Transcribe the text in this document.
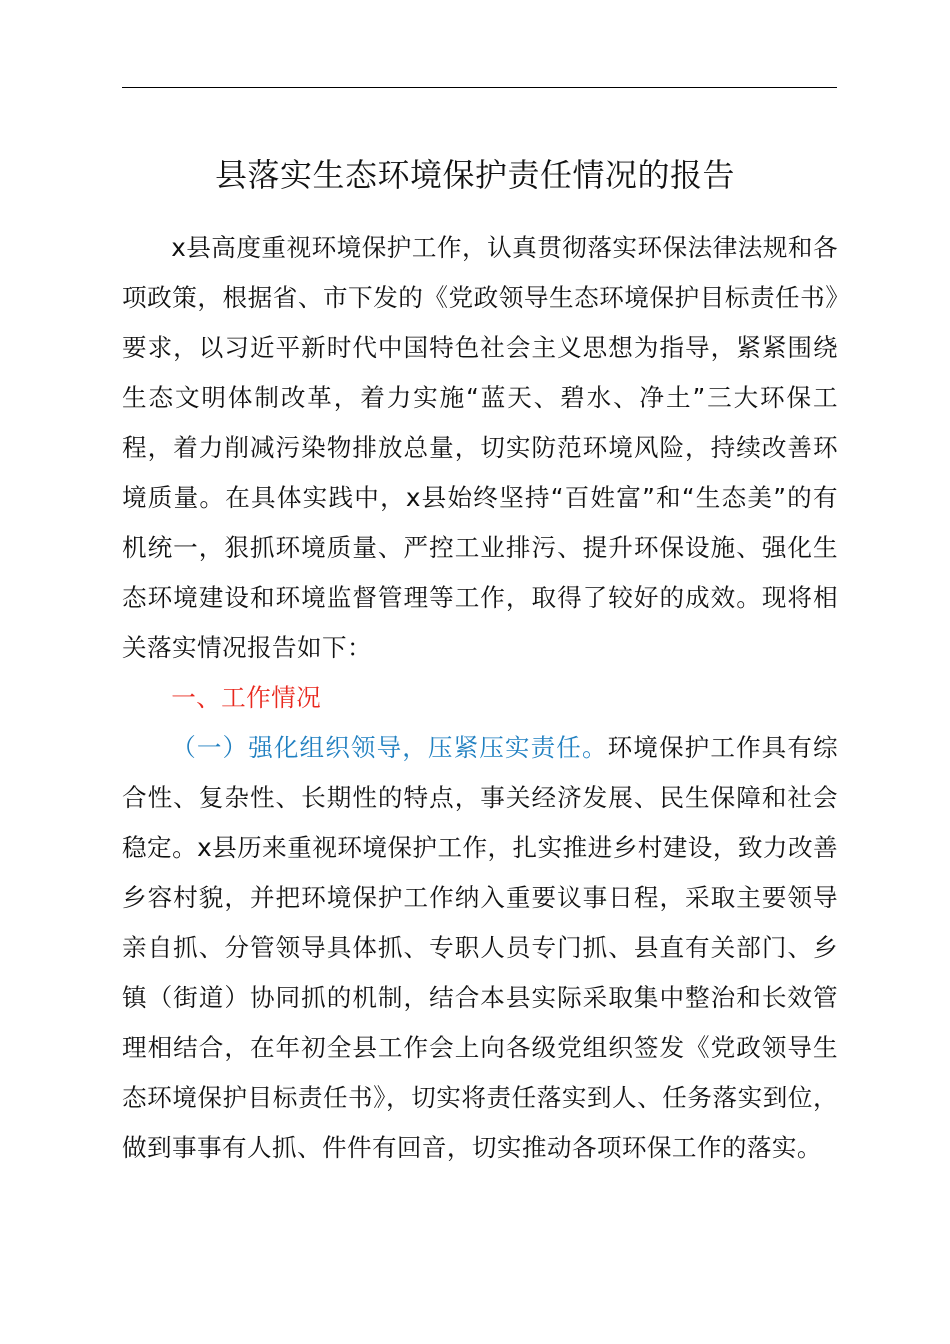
县落实生态环境保护责任情况的报告

x县高度重视环境保护工作，认真贯彻落实环保法律法规和各项政策，根据省、市下发的《党政领导生态环境保护目标责任书》要求，以习近平新时代中国特色社会主义思想为指导，紧紧围绕生态文明体制改革，着力实施“蓝天、碧水、净土”三大环保工程，着力削减污染物排放总量，切实防范环境风险，持续改善环境质量。在具体实践中，x县始终坚持“百姓富”和“生态美”的有机统一，狠抓环境质量、严控工业排污、提升环保设施、强化生态环境建设和环境监督管理等工作，取得了较好的成效。现将相关落实情况报告如下：

一、工作情况

（一）强化组织领导，压紧压实责任。环境保护工作具有综合性、复杂性、长期性的特点，事关经济发展、民生保障和社会稳定。x县历来重视环境保护工作，扎实推进乡村建设，致力改善乡容村貌，并把环境保护工作纳入重要议事日程，采取主要领导亲自抓、分管领导具体抓、专职人员专门抓、县直有关部门、乡镇（街道）协同抓的机制，结合本县实际采取集中整治和长效管理相结合，在年初全县工作会上向各级党组织签发《党政领导生态环境保护目标责任书》，切实将责任落实到人、任务落实到位，做到事事有人抓、件件有回音，切实推动各项环保工作的落实。
